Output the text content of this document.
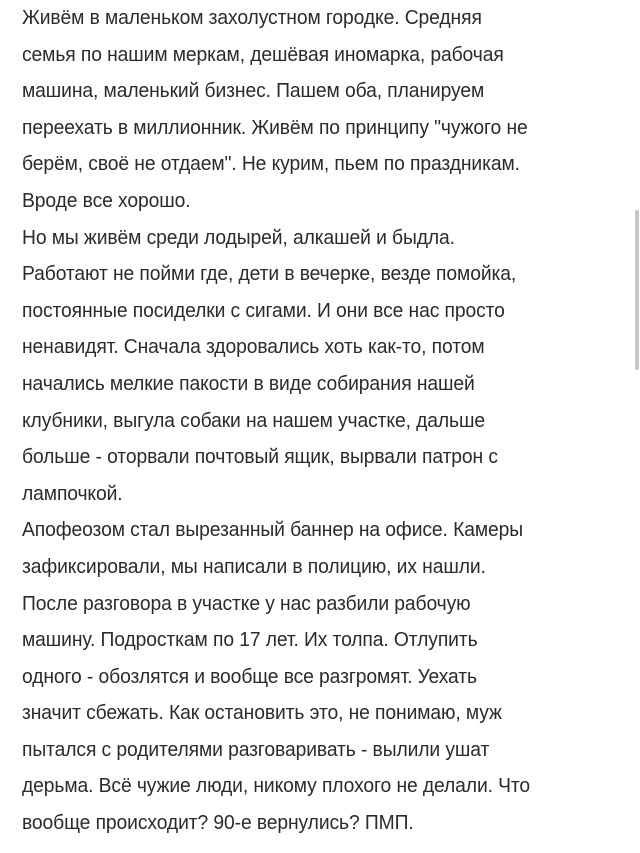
Живём в маленьком захолустном городке. Средняя
семья по нашим меркам, дешёвая иномарка, рабочая
машина, маленький бизнес. Пашем оба, планируем
переехать в миллионник. Живём по принципу "чужого не
берём, своё не отдаем". Не курим, пьем по праздникам.
Вроде все хорошо.
Но мы живём среди лодырей, алкашей и быдла.
Работают не пойми где, дети в вечерке, везде помойка,
постоянные посиделки с сигами. И они все нас просто
ненавидят. Сначала здоровались хоть как-то, потом
начались мелкие пакости в виде собирания нашей
клубники, выгула собаки на нашем участке, дальше
больше - оторвали почтовый ящик, вырвали патрон с
лампочкой.
Апофеозом стал вырезанный баннер на офисе. Камеры
зафиксировали, мы написали в полицию, их нашли.
После разговора в участке у нас разбили рабочую
машину. Подросткам по 17 лет. Их толпа. Отлупить
одного - обозлятся и вообще все разгромят. Уехать
значит сбежать. Как остановить это, не понимаю, муж
пытался с родителями разговаривать - вылили ушат
дерьма. Всё чужие люди, никому плохого не делали. Что
вообще происходит? 90-е вернулись? ПМП.
